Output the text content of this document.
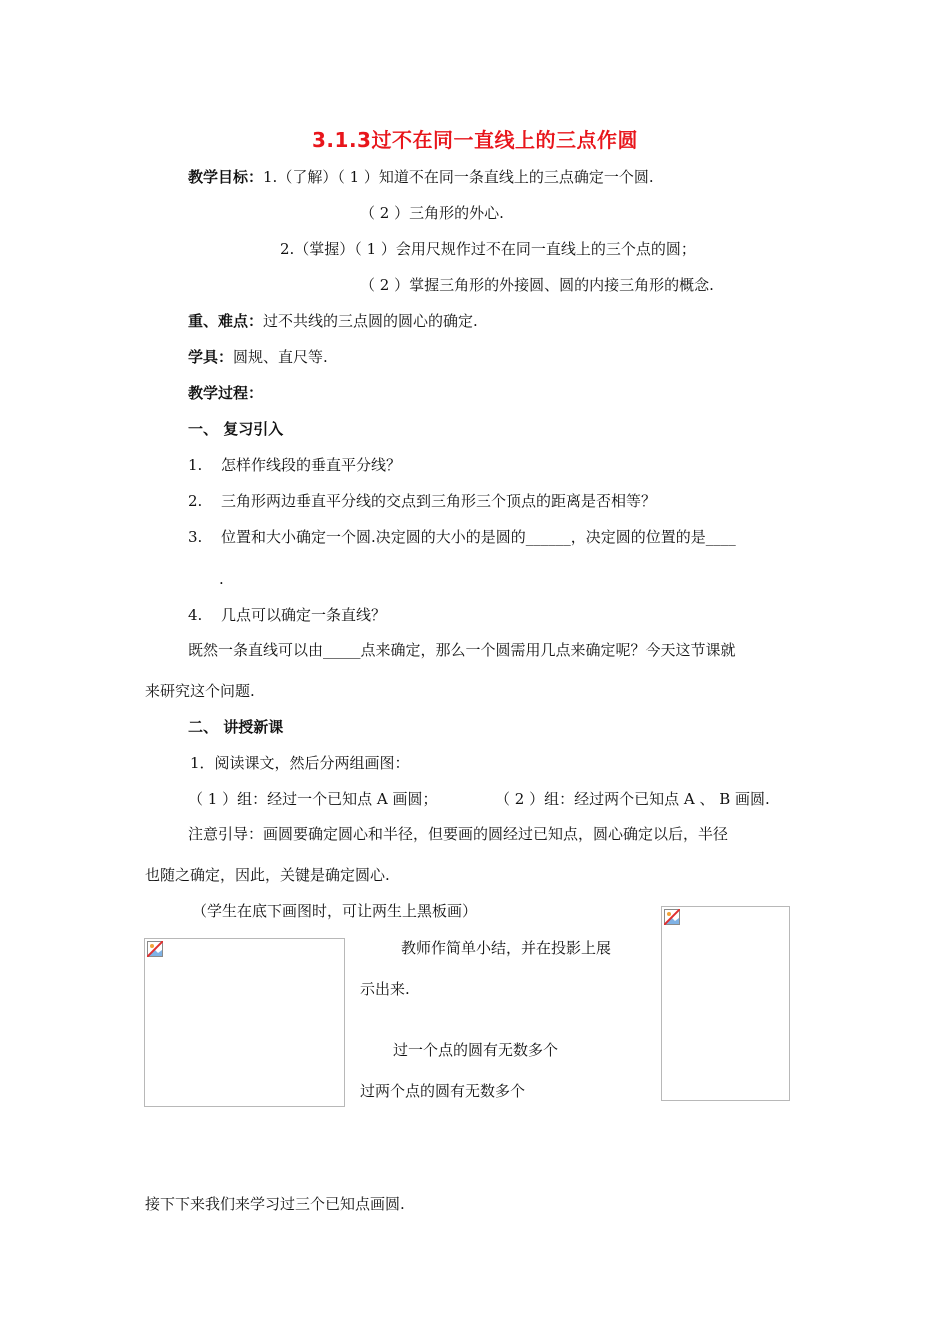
3.1.3过不在同一直线上的三点作圆
教学目标：1.（了解）（ 1 ）知道不在同一条直线上的三点确定一个圆.
（ 2 ）三角形的外心.
2.（掌握）（ 1 ）会用尺规作过不在同一直线上的三个点的圆；
（ 2 ）掌握三角形的外接圆、圆的内接三角形的概念.
重、难点：过不共线的三点圆的圆心的确定.
学具：圆规、直尺等.
教学过程：
一、 复习引入
1. 怎样作线段的垂直平分线？
2. 三角形两边垂直平分线的交点到三角形三个顶点的距离是否相等？
3. 位置和大小确定一个圆.决定圆的大小的是圆的______，决定圆的位置的是____
.
4. 几点可以确定一条直线？
既然一条直线可以由_____点来确定，那么一个圆需用几点来确定呢？今天这节课就
来研究这个问题.
二、 讲授新课
1．阅读课文，然后分两组画图：
（ 1 ）组：经过一个已知点 A 画圆；	（ 2 ）组：经过两个已知点 A 、 B 画圆.
注意引导：画圆要确定圆心和半径，但要画的圆经过已知点，圆心确定以后，半径
也随之确定，因此，关键是确定圆心.
（学生在底下画图时，可让两生上黑板画）
教师作简单小结，并在投影上展
示出来.
过一个点的圆有无数多个
过两个点的圆有无数多个
接下下来我们来学习过三个已知点画圆.
